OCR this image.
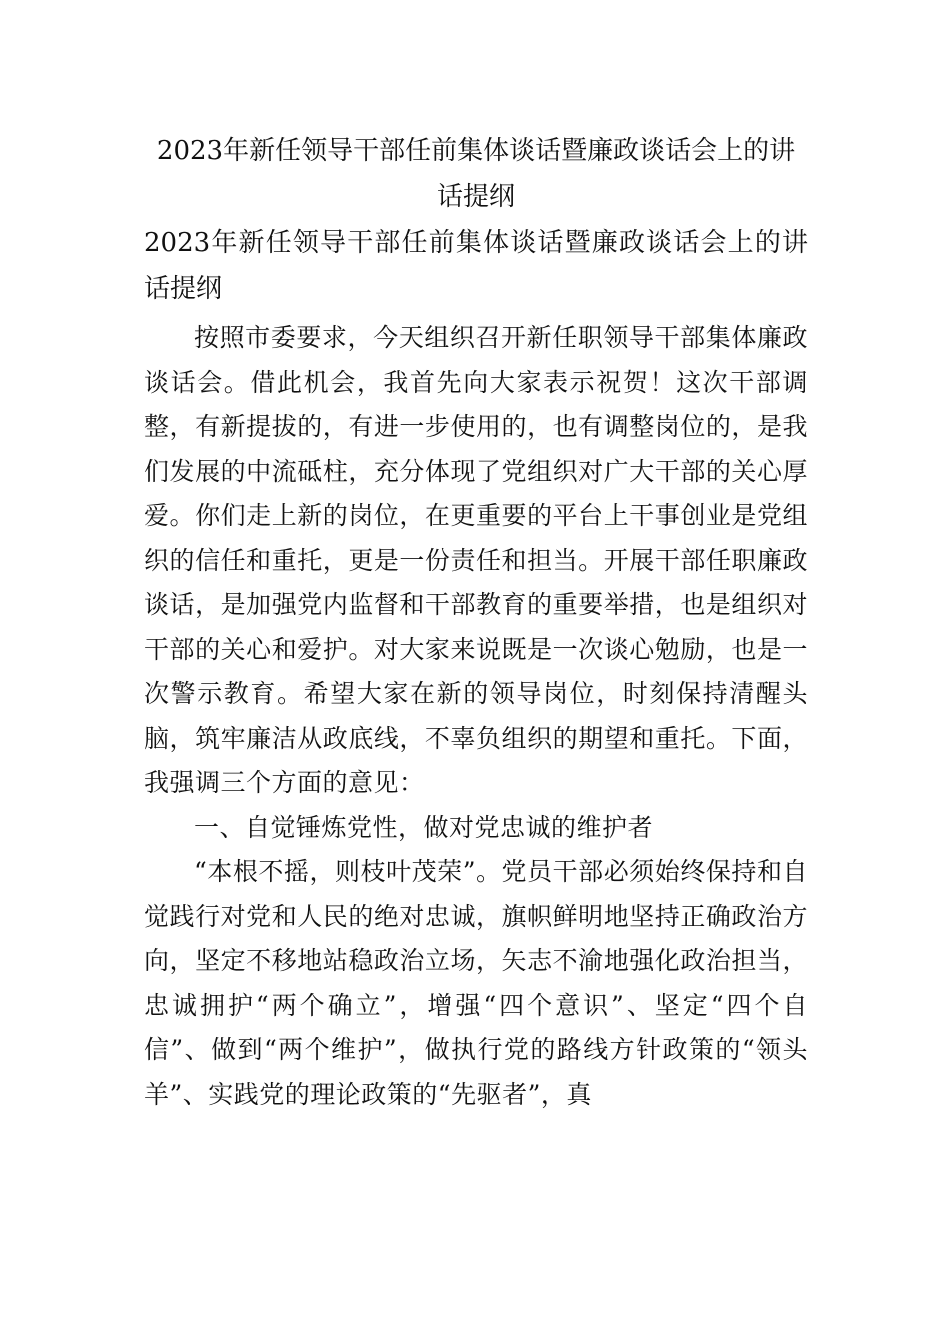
2023年新任领导干部任前集体谈话暨廉政谈话会上的讲话提纲
2023年新任领导干部任前集体谈话暨廉政谈话会上的讲话提纲

按照市委要求，今天组织召开新任职领导干部集体廉政谈话会。借此机会，我首先向大家表示祝贺！这次干部调整，有新提拔的，有进一步使用的，也有调整岗位的，是我们发展的中流砥柱，充分体现了党组织对广大干部的关心厚爱。你们走上新的岗位，在更重要的平台上干事创业是党组织的信任和重托，更是一份责任和担当。开展干部任职廉政谈话，是加强党内监督和干部教育的重要举措，也是组织对干部的关心和爱护。对大家来说既是一次谈心勉励，也是一次警示教育。希望大家在新的领导岗位，时刻保持清醒头脑，筑牢廉洁从政底线，不辜负组织的期望和重托。下面，我强调三个方面的意见：

一、自觉锤炼党性，做对党忠诚的维护者

“本根不摇，则枝叶茂荣”。党员干部必须始终保持和自觉践行对党和人民的绝对忠诚，旗帜鲜明地坚持正确政治方向，坚定不移地站稳政治立场，矢志不渝地强化政治担当，忠诚拥护“两个确立”，增强“四个意识”、坚定“四个自信”、做到“两个维护”，做执行党的路线方针政策的“领头羊”、实践党的理论政策的“先驱者”，真
